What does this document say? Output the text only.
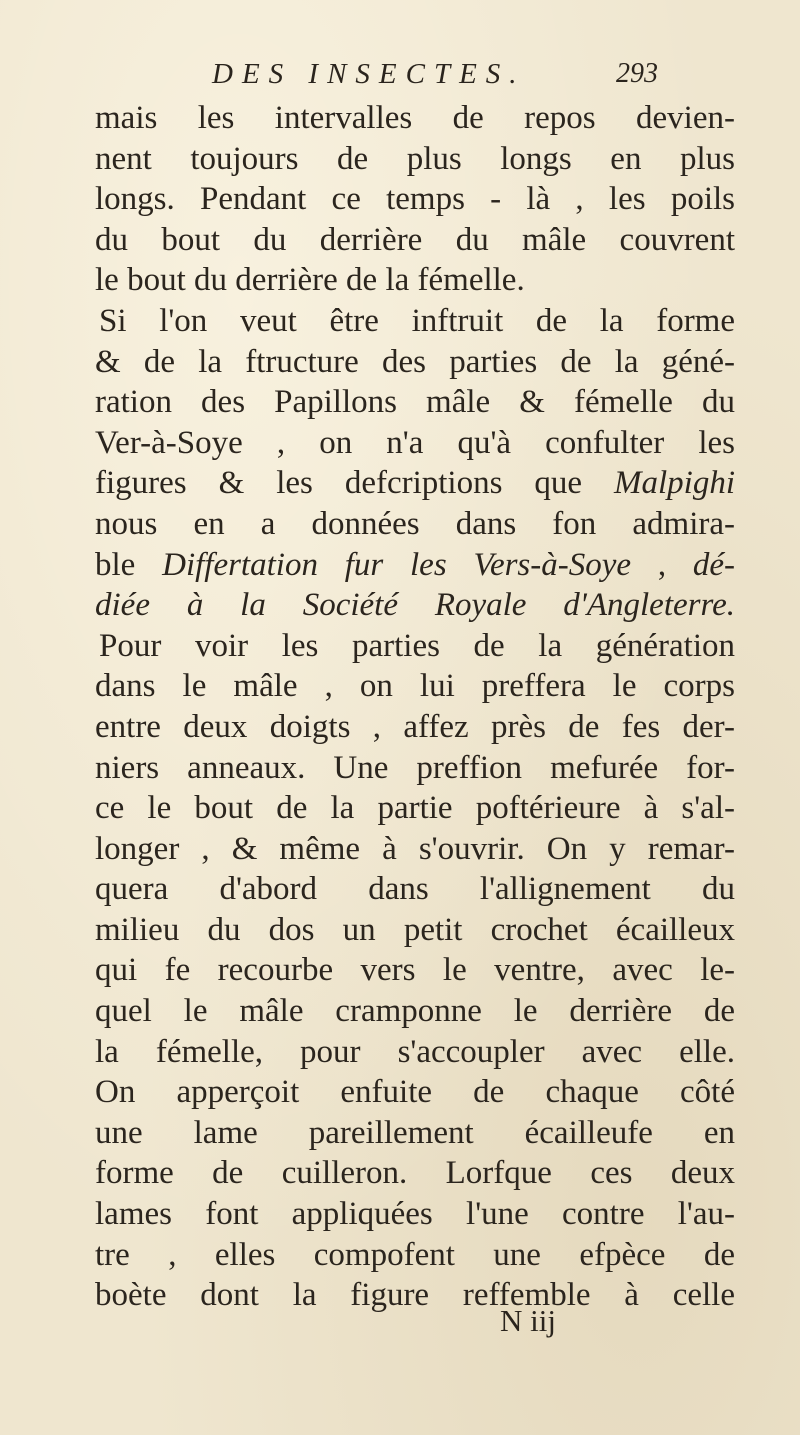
DES INSECTES.	293
mais les intervalles de repos devien-
nent toujours de plus longs en plus
longs. Pendant ce temps - là , les poils
du bout du derrière du mâle couvrent
le bout du derrière de la fémelle.
Si l'on veut être inftruit de la forme
& de la ftructure des parties de la géné-
ration des Papillons mâle & fémelle du
Ver-à-Soye , on n'a qu'à confulter les
figures & les defcriptions que Malpighi
nous en a données dans fon admira-
ble Differtation fur les Vers-à-Soye , dé-
diée à la Société Royale d'Angleterre.
Pour voir les parties de la génération
dans le mâle , on lui preffera le corps
entre deux doigts , affez près de fes der-
niers anneaux. Une preffion mefurée for-
ce le bout de la partie poftérieure à s'al-
longer , & même à s'ouvrir. On y remar-
quera d'abord dans l'allignement du
milieu du dos un petit crochet écailleux
qui fe recourbe vers le ventre, avec le-
quel le mâle cramponne le derrière de
la fémelle, pour s'accoupler avec elle.
On apperçoit enfuite de chaque côté
une lame pareillement écailleufe en
forme de cuilleron. Lorfque ces deux
lames font appliquées l'une contre l'au-
tre , elles compofent une efpèce de
boète dont la figure reffemble à celle
N iij
